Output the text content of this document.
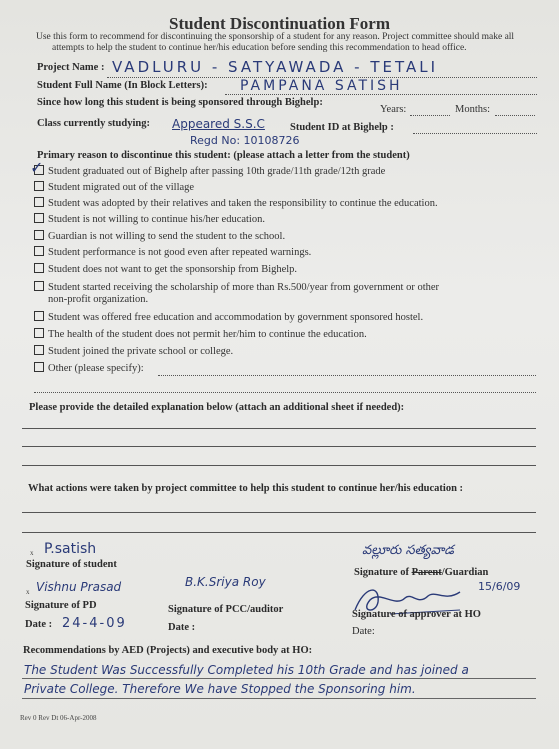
Student Discontinuation Form
Use this form to recommend for discontinuing the sponsorship of a student for any reason. Project committee should make all
attempts to help the student to continue her/his education before sending this recommendation to head office.
Project Name : VADLURU - SATYAWADA - TETALI
Student Full Name (In Block Letters): PAMPANA SATISH
Since how long this student is being sponsored through Bighelp:
Years:	Months:
Class currently studying: Appeared S.S.C Student ID at Bighelp :
Regd No: 10108726
Primary reason to discontinue this student: (please attach a letter from the student)
Student graduated out of Bighelp after passing 10th grade/11th grade/12th grade
✓
Student migrated out of the village
Student was adopted by their relatives and taken the responsibility to continue the education.
Student is not willing to continue his/her education.
Guardian is not willing to send the student to the school.
Student performance is not good even after repeated warnings.
Student does not want to get the sponsorship from Bighelp.
Student started receiving the scholarship of more than Rs.500/year from government or other
non-profit organization.
Student was offered free education and accommodation by government sponsored hostel.
The health of the student does not permit her/him to continue the education.
Student joined the private school or college.
Other (please specify):
Please provide the detailed explanation below (attach an additional sheet if needed):
What actions were taken by project committee to help this student to continue her/his education :
x P.satish
Signature of student
వల్లూరు సత్యవాడ
Signature of Parent/Guardian
x Vishnu Prasad
Signature of PD
Date : 24-4-09
B.K.Sriya Roy
Signature of PCC/auditor
Date :
15/6/09
Signature of approver at HO
Date:
Recommendations by AED (Projects) and executive body at HO:
The Student Was Successfully Completed his 10th Grade and has joined a
Private College. Therefore We have Stopped the Sponsoring him.
Rev 0 Rev Dt 06-Apr-2008
